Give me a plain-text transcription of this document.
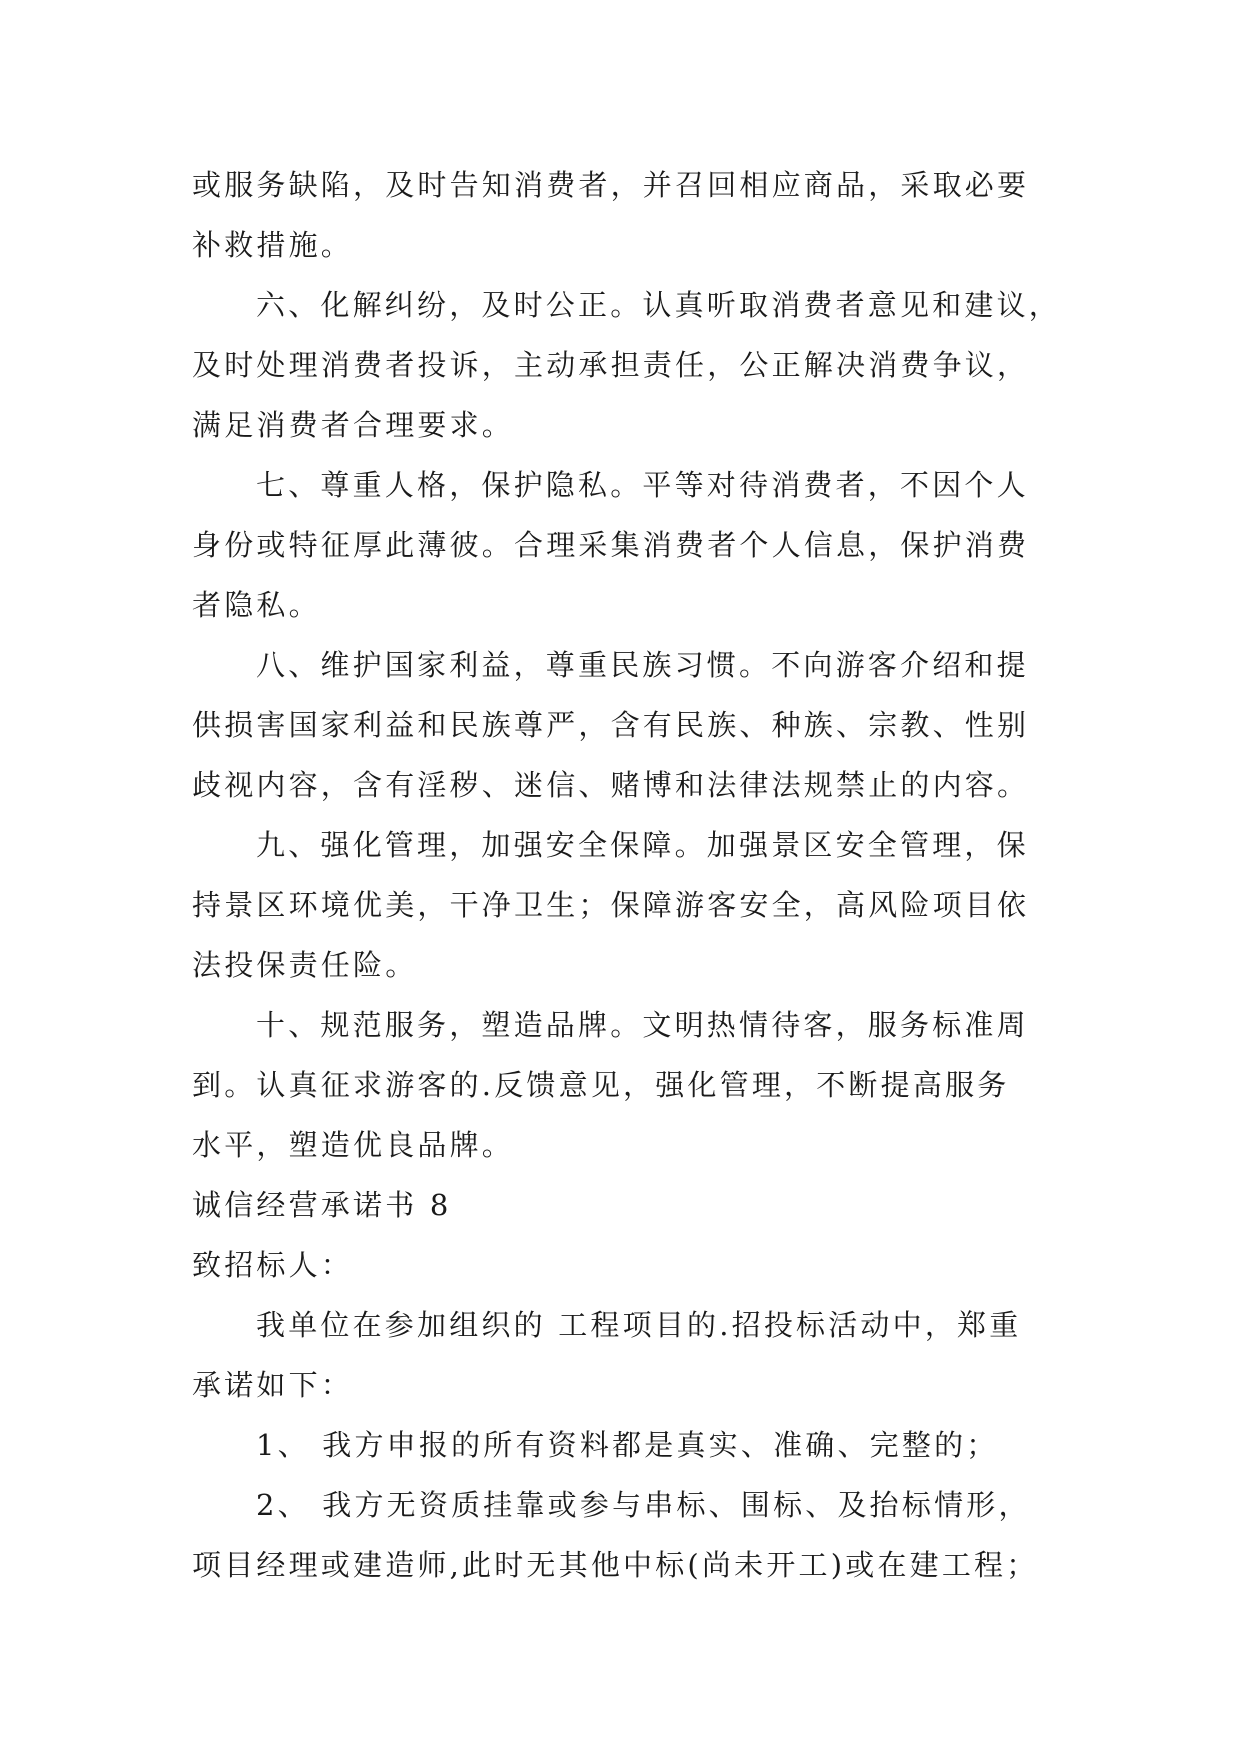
或服务缺陷，及时告知消费者，并召回相应商品，采取必要
补救措施。
六、化解纠纷，及时公正。认真听取消费者意见和建议，
及时处理消费者投诉，主动承担责任，公正解决消费争议，
满足消费者合理要求。
七、尊重人格，保护隐私。平等对待消费者，不因个人
身份或特征厚此薄彼。合理采集消费者个人信息，保护消费
者隐私。
八、维护国家利益，尊重民族习惯。不向游客介绍和提
供损害国家利益和民族尊严，含有民族、种族、宗教、性别
歧视内容，含有淫秽、迷信、赌博和法律法规禁止的内容。
九、强化管理，加强安全保障。加强景区安全管理，保
持景区环境优美，干净卫生；保障游客安全，高风险项目依
法投保责任险。
十、规范服务，塑造品牌。文明热情待客，服务标准周
到。认真征求游客的.反馈意见，强化管理，不断提高服务
水平，塑造优良品牌。
诚信经营承诺书 8
致招标人：
我单位在参加组织的 工程项目的.招投标活动中，郑重
承诺如下：
1、 我方申报的所有资料都是真实、准确、完整的；
2、 我方无资质挂靠或参与串标、围标、及抬标情形，
项目经理或建造师,此时无其他中标(尚未开工)或在建工程；
